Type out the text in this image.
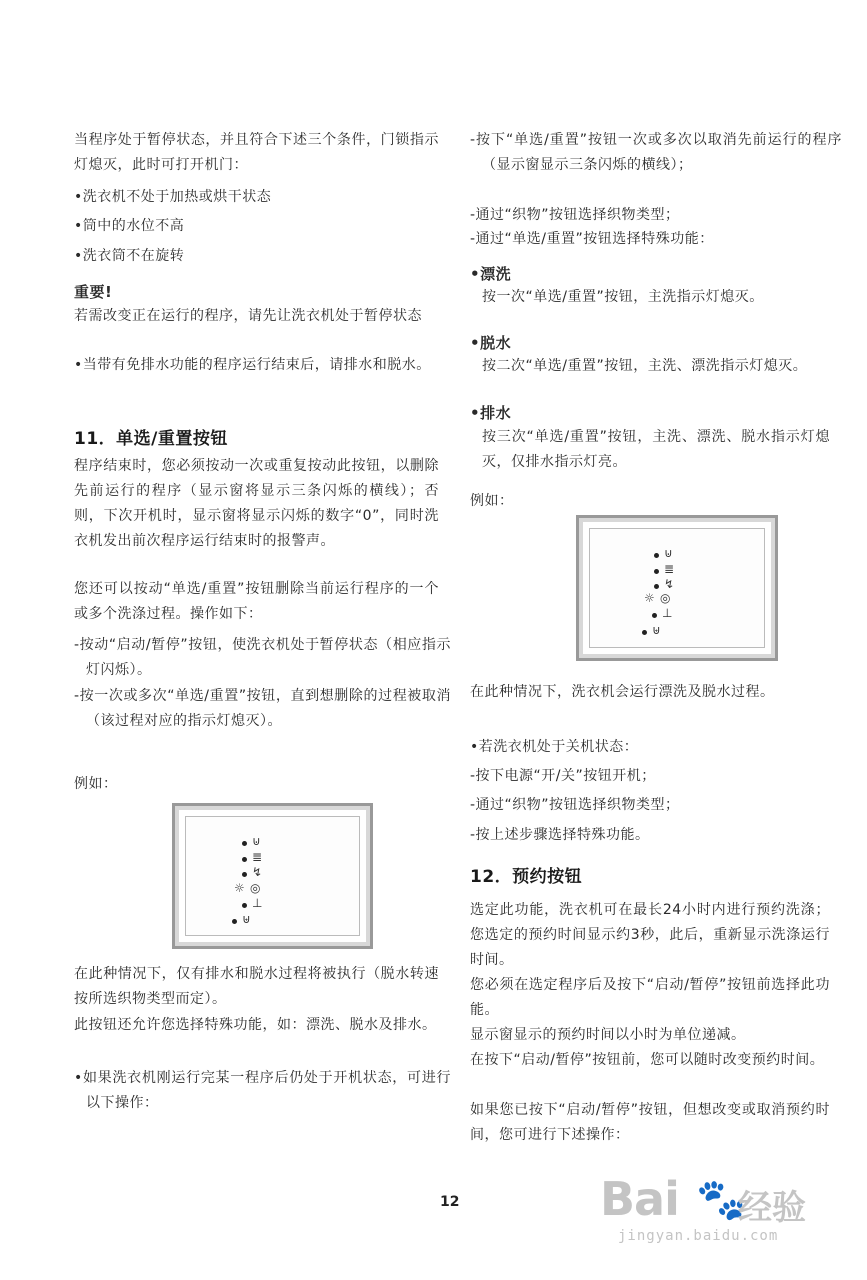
当程序处于暂停状态，并且符合下述三个条件，门锁指示灯熄灭，此时可打开机门：

•洗衣机不处于加热或烘干状态

•筒中的水位不高

•洗衣筒不在旋转

重要!

若需改变正在运行的程序，请先让洗衣机处于暂停状态

•当带有免排水功能的程序运行结束后，请排水和脱水。

11．单选/重置按钮

程序结束时，您必须按动一次或重复按动此按钮，以删除先前运行的程序（显示窗将显示三条闪烁的横线）；否则，下次开机时，显示窗将显示闪烁的数字“0”，同时洗衣机发出前次程序运行结束时的报警声。

您还可以按动“单选/重置”按钮删除当前运行程序的一个或多个洗涤过程。操作如下：

-按动“启动/暂停”按钮，使洗衣机处于暂停状态（相应指示灯闪烁）。

-按一次或多次“单选/重置”按钮，直到想删除的过程被取消（该过程对应的指示灯熄灭）。

例如：

⊍
≣
↯
☼ ◎
⊥
⊎

在此种情况下，仅有排水和脱水过程将被执行（脱水转速按所选织物类型而定）。

此按钮还允许您选择特殊功能，如：漂洗、脱水及排水。

•如果洗衣机刚运行完某一程序后仍处于开机状态，可进行以下操作：

-按下“单选/重置”按钮一次或多次以取消先前运行的程序（显示窗显示三条闪烁的横线）；

-通过“织物”按钮选择织物类型；

-通过“单选/重置”按钮选择特殊功能：

•漂洗

按一次“单选/重置”按钮，主洗指示灯熄灭。

•脱水

按二次“单选/重置”按钮，主洗、漂洗指示灯熄灭。

•排水

按三次“单选/重置”按钮，主洗、漂洗、脱水指示灯熄灭，仅排水指示灯亮。

例如：

⊍
≣
↯
☼ ◎
⊥
⊎

在此种情况下，洗衣机会运行漂洗及脱水过程。

•若洗衣机处于关机状态：

-按下电源“开/关”按钮开机；

-通过“织物”按钮选择织物类型；

-按上述步骤选择特殊功能。

12．预约按钮

选定此功能，洗衣机可在最长24小时内进行预约洗涤；您选定的预约时间显示约3秒，此后，重新显示洗涤运行时间。

您必须在选定程序后及按下“启动/暂停”按钮前选择此功能。

显示窗显示的预约时间以小时为单位递减。

在按下“启动/暂停”按钮前，您可以随时改变预约时间。

如果您已按下“启动/暂停”按钮，但想改变或取消预约时间，您可进行下述操作：

12	Bai 🐾
经验
jingyan.baidu.com
